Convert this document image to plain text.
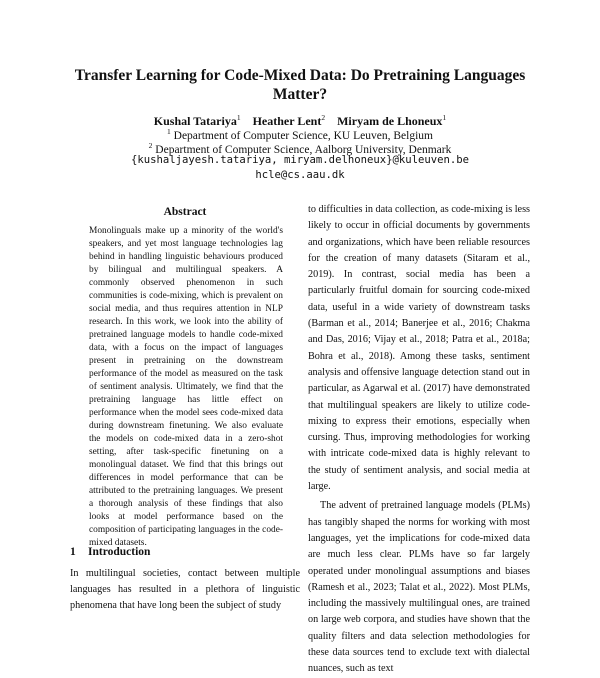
Transfer Learning for Code-Mixed Data: Do Pretraining Languages Matter?
Kushal Tatariya$^1$ Heather Lent$^2$ Miryam de Lhoneux$^1$
$^1$ Department of Computer Science, KU Leuven, Belgium
$^2$ Department of Computer Science, Aalborg University, Denmark
{kushaljayesh.tatariya, miryam.delhoneux}@kuleuven.be
hcle@cs.aau.dk
Abstract
Monolinguals make up a minority of the world's speakers, and yet most language technologies lag behind in handling linguistic behaviours produced by bilingual and multilingual speakers. A commonly observed phenomenon in such communities is code-mixing, which is prevalent on social media, and thus requires attention in NLP research. In this work, we look into the ability of pretrained language models to handle code-mixed data, with a focus on the impact of languages present in pretraining on the downstream performance of the model as measured on the task of sentiment analysis. Ultimately, we find that the pretraining language has little effect on performance when the model sees code-mixed data during downstream finetuning. We also evaluate the models on code-mixed data in a zero-shot setting, after task-specific finetuning on a monolingual dataset. We find that this brings out differences in model performance that can be attributed to the pretraining languages. We present a thorough analysis of these findings that also looks at model performance based on the composition of participating languages in the code-mixed datasets.
1 Introduction
In multilingual societies, contact between multiple languages has resulted in a plethora of linguistic phenomena that have long been the subject of study

to difficulties in data collection, as code-mixing is less likely to occur in official documents by governments and organizations, which have been reliable resources for the creation of many datasets (Sitaram et al., 2019). In contrast, social media has been a particularly fruitful domain for sourcing code-mixed data, useful in a wide variety of downstream tasks (Barman et al., 2014; Banerjee et al., 2016; Chakma and Das, 2016; Vijay et al., 2018; Patra et al., 2018a; Bohra et al., 2018). Among these tasks, sentiment analysis and offensive language detection stand out in particular, as Agarwal et al. (2017) have demonstrated that multilingual speakers are likely to utilize code-mixing to express their emotions, especially when cursing. Thus, improving methodologies for working with intricate code-mixed data is highly relevant to the study of sentiment analysis, and social media at large.

The advent of pretrained language models (PLMs) has tangibly shaped the norms for working with most languages, yet the implications for code-mixed data are much less clear. PLMs have so far largely operated under monolingual assumptions and biases (Ramesh et al., 2023; Talat et al., 2022). Most PLMs, including the massively multilingual ones, are trained on large web corpora, and studies have shown that the quality filters and data selection methodologies for these data sources tend to exclude text with dialectal nuances, such as text
